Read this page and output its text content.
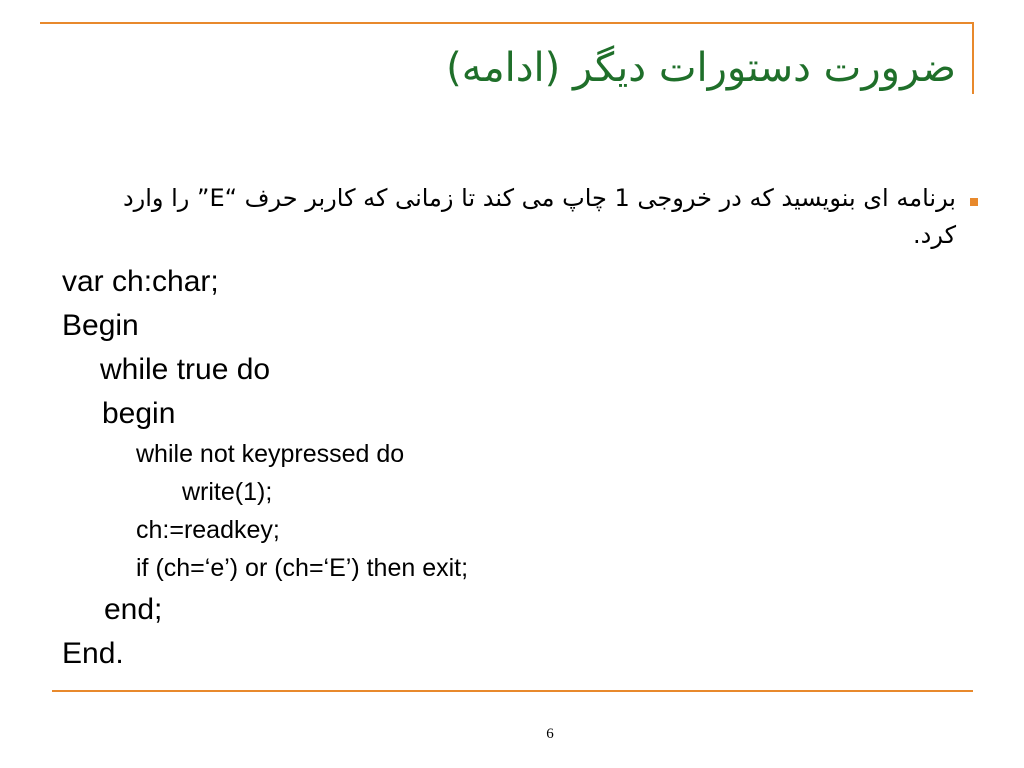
ضرورت دستورات دیگر (ادامه)

برنامه ای بنویسید که در خروجی 1 چاپ می کند تا زمانی که کاربر حرف “E” را وارد کرد.

var ch:char;

Begin

while true do

begin

while not keypressed do

write(1);

ch:=readkey;

if (ch=‘e’) or (ch=‘E’) then exit;

end;

End.

6
